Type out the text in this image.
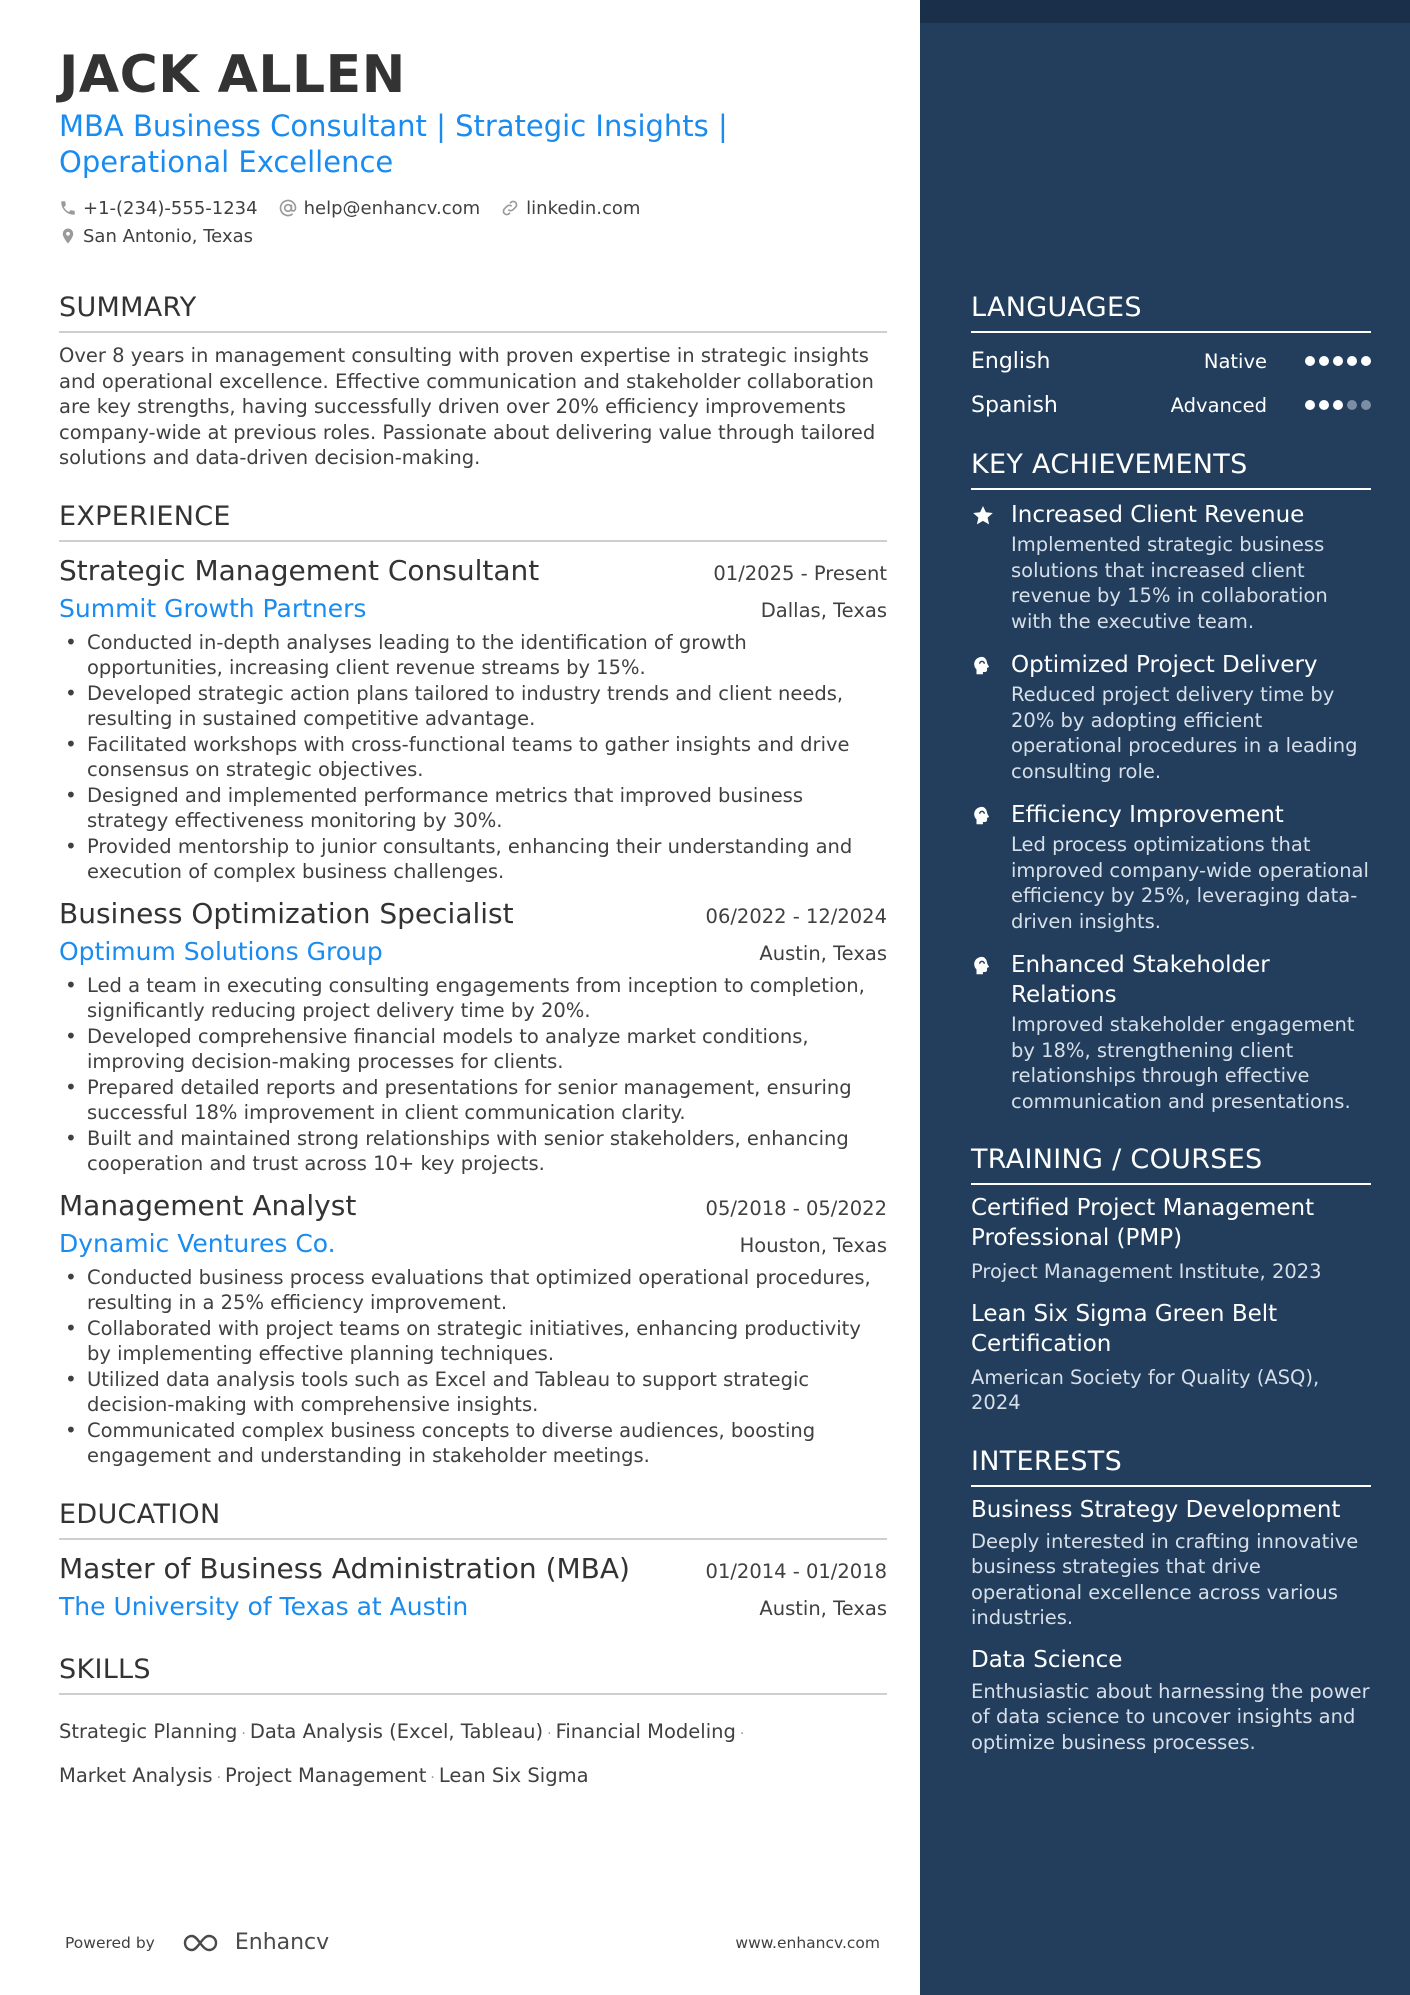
JACK ALLEN
MBA Business Consultant | Strategic Insights |
Operational Excellence
+1-(234)-555-1234	help@enhancv.com	linkedin.com
San Antonio, Texas
SUMMARY
Over 8 years in management consulting with proven expertise in strategic insights and operational excellence. Effective communication and stakeholder collaboration are key strengths, having successfully driven over 20% efficiency improvements company-wide at previous roles. Passionate about delivering value through tailored solutions and data-driven decision-making.
EXPERIENCE
Strategic Management Consultant	01/2025 - Present
Summit Growth Partners	Dallas, Texas
• Conducted in-depth analyses leading to the identification of growth opportunities, increasing client revenue streams by 15%.
• Developed strategic action plans tailored to industry trends and client needs, resulting in sustained competitive advantage.
• Facilitated workshops with cross-functional teams to gather insights and drive consensus on strategic objectives.
• Designed and implemented performance metrics that improved business strategy effectiveness monitoring by 30%.
• Provided mentorship to junior consultants, enhancing their understanding and execution of complex business challenges.
Business Optimization Specialist	06/2022 - 12/2024
Optimum Solutions Group	Austin, Texas
• Led a team in executing consulting engagements from inception to completion, significantly reducing project delivery time by 20%.
• Developed comprehensive financial models to analyze market conditions, improving decision-making processes for clients.
• Prepared detailed reports and presentations for senior management, ensuring successful 18% improvement in client communication clarity.
• Built and maintained strong relationships with senior stakeholders, enhancing cooperation and trust across 10+ key projects.
Management Analyst	05/2018 - 05/2022
Dynamic Ventures Co.	Houston, Texas
• Conducted business process evaluations that optimized operational procedures, resulting in a 25% efficiency improvement.
• Collaborated with project teams on strategic initiatives, enhancing productivity by implementing effective planning techniques.
• Utilized data analysis tools such as Excel and Tableau to support strategic decision-making with comprehensive insights.
• Communicated complex business concepts to diverse audiences, boosting engagement and understanding in stakeholder meetings.
EDUCATION
Master of Business Administration (MBA)	01/2014 - 01/2018
The University of Texas at Austin	Austin, Texas
SKILLS
Strategic Planning · Data Analysis (Excel, Tableau) · Financial Modeling ·
Market Analysis · Project Management · Lean Six Sigma
Powered by	Enhancv	www.enhancv.com
LANGUAGES
English	Native
Spanish	Advanced
KEY ACHIEVEMENTS
Increased Client Revenue
Implemented strategic business solutions that increased client revenue by 15% in collaboration with the executive team.
Optimized Project Delivery
Reduced project delivery time by 20% by adopting efficient operational procedures in a leading consulting role.
Efficiency Improvement
Led process optimizations that improved company-wide operational efficiency by 25%, leveraging data-driven insights.
Enhanced Stakeholder Relations
Improved stakeholder engagement by 18%, strengthening client relationships through effective communication and presentations.
TRAINING / COURSES
Certified Project Management Professional (PMP)
Project Management Institute, 2023
Lean Six Sigma Green Belt Certification
American Society for Quality (ASQ), 2024
INTERESTS
Business Strategy Development
Deeply interested in crafting innovative business strategies that drive operational excellence across various industries.
Data Science
Enthusiastic about harnessing the power of data science to uncover insights and optimize business processes.
